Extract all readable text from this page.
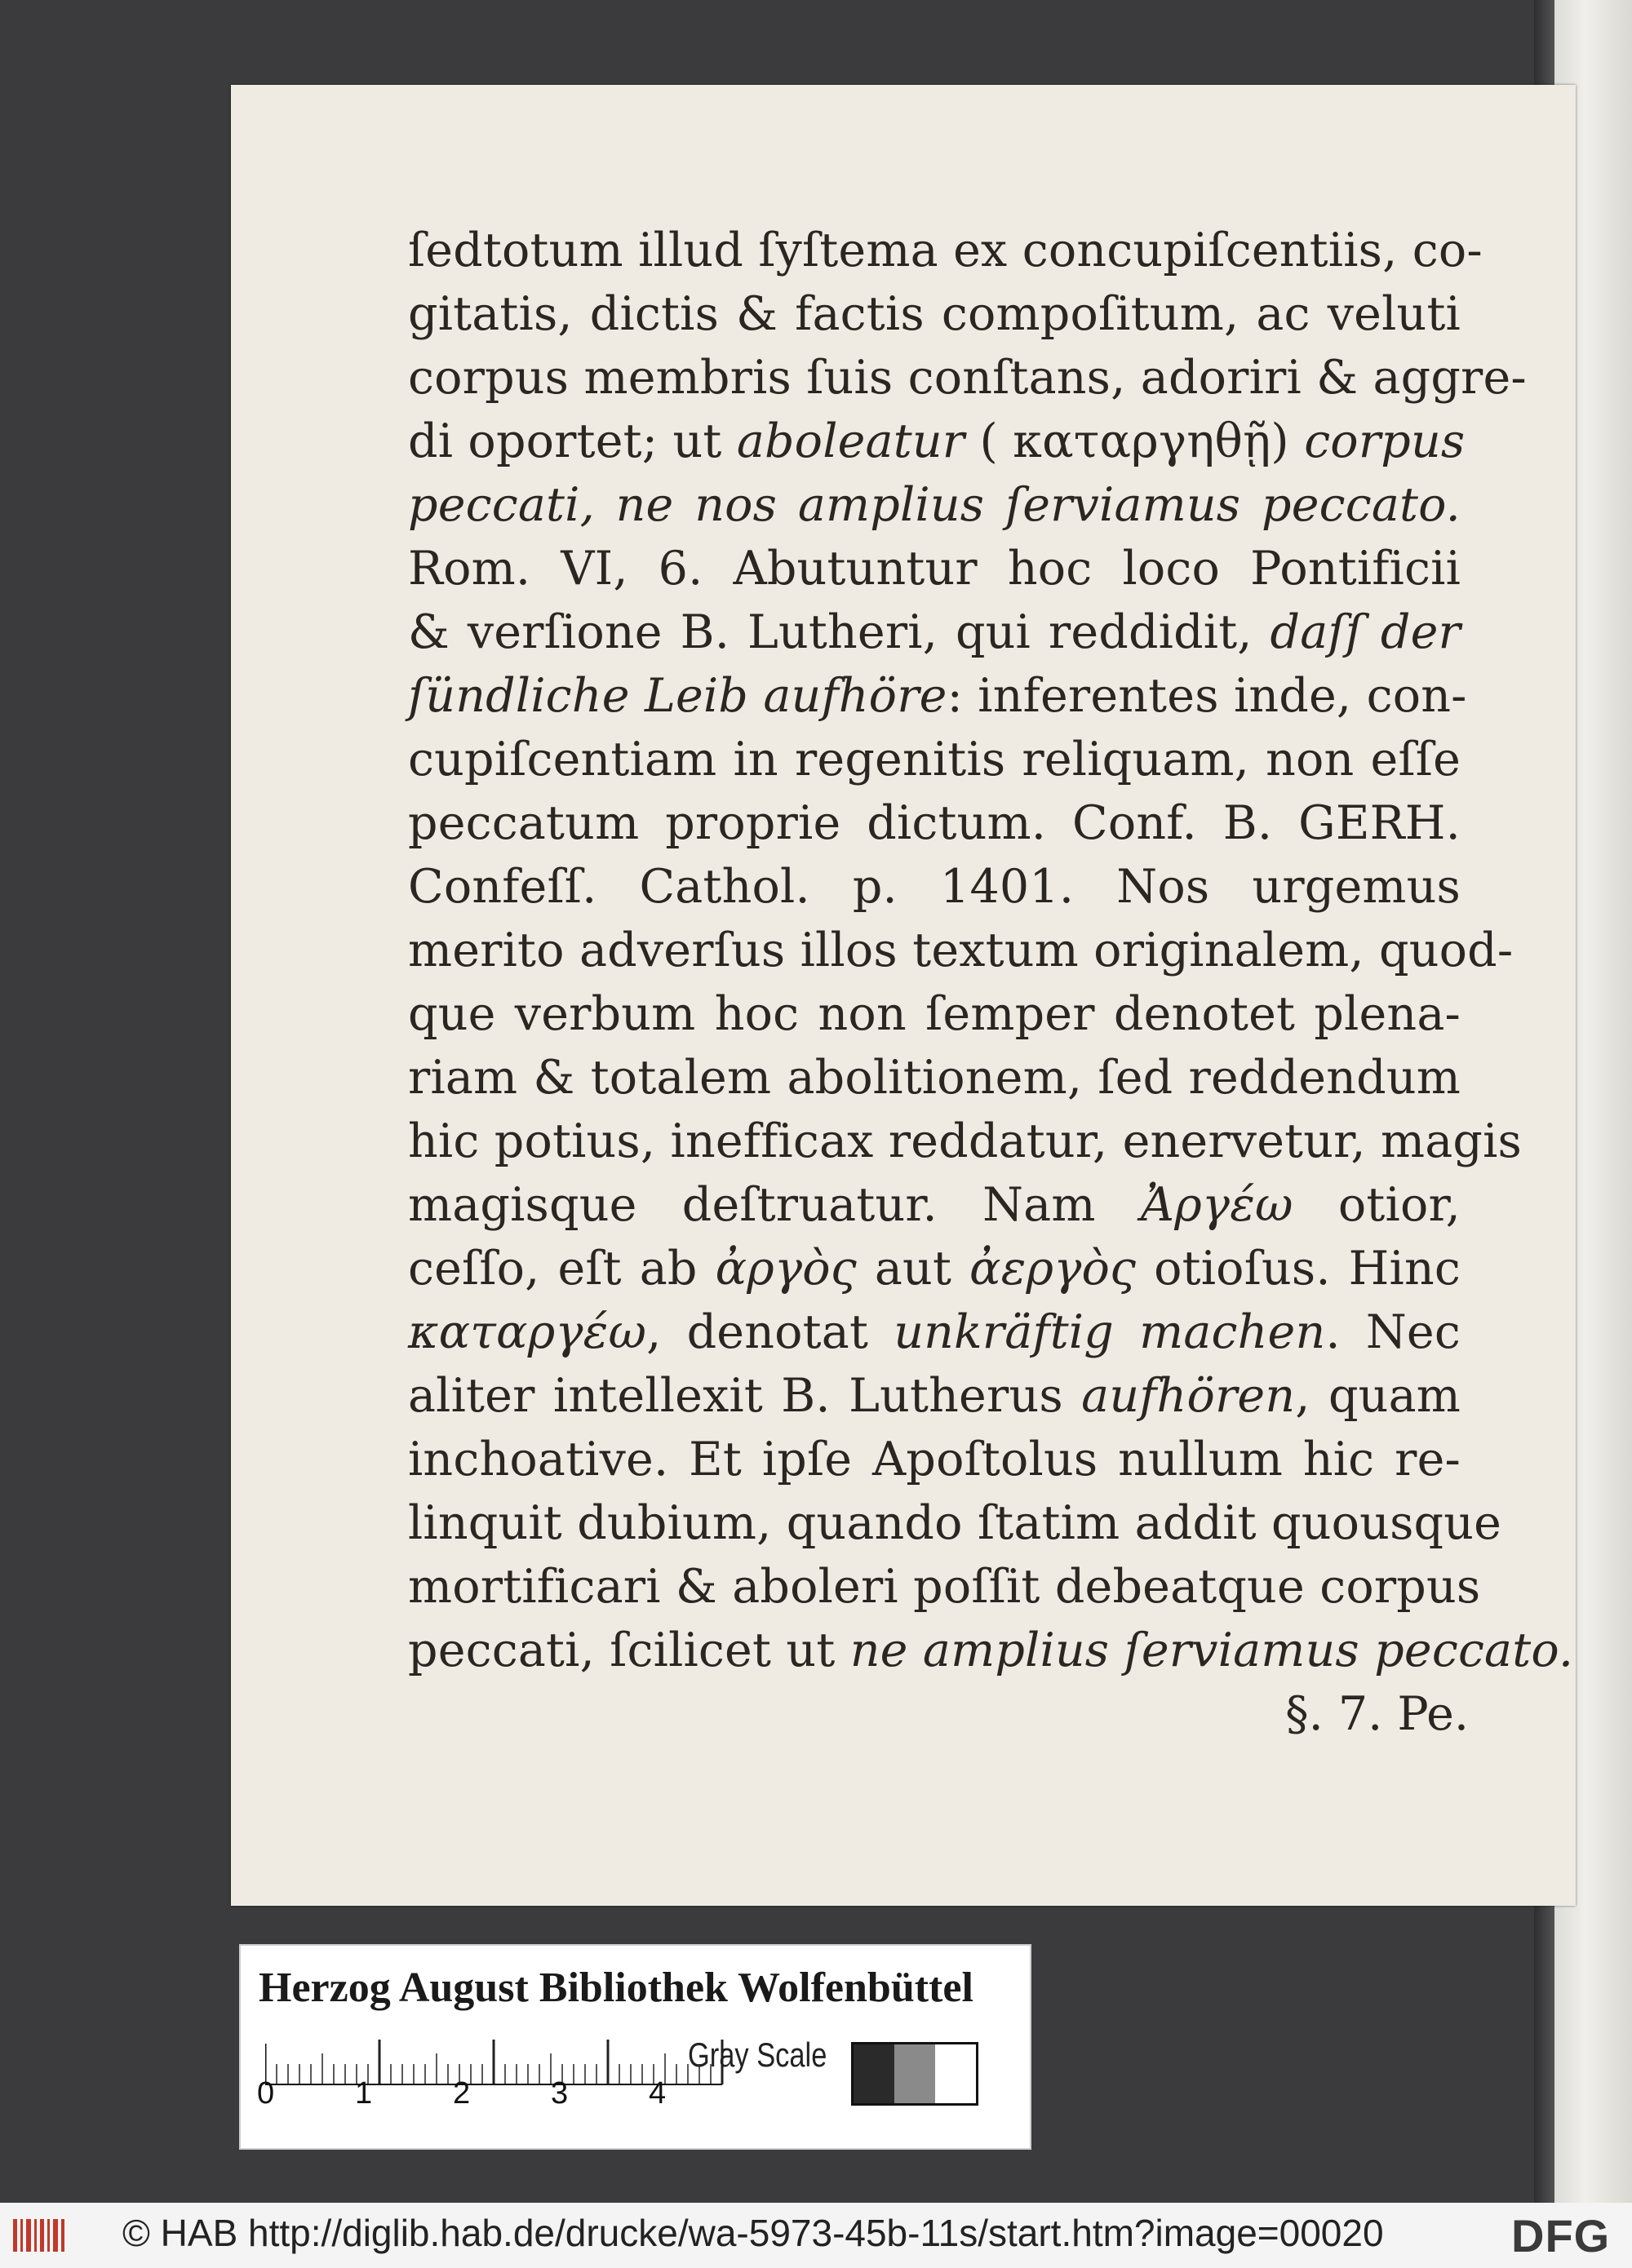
ſedtotum illud ſyſtema ex concupiſcentiis, co-
gitatis, dictis & factis compoſitum, ac veluti
corpus membris ſuis conſtans, adoriri & aggre-
di oportet; ut aboleatur ( καταργηθῇ) corpus
peccati, ne nos amplius ſerviamus peccato.
Rom. VI, 6. Abutuntur hoc loco Pontificii
& verſione B. Lutheri, qui reddidit, daſſ der
ſündliche Leib aufhöre: inferentes inde, con-
cupiſcentiam in regenitis reliquam, non eſſe
peccatum proprie dictum. Conf. B. GERH.
Confeſſ. Cathol. p. 1401. Nos urgemus
merito adverſus illos textum originalem, quod-
que verbum hoc non ſemper denotet plena-
riam & totalem abolitionem, ſed reddendum
hic potius, inefficax reddatur, enervetur, magis
magisque deſtruatur. Nam Ἀργέω otior,
ceſſo, eſt ab ἀργὸς aut ἀεργὸς otioſus. Hinc
καταργέω, denotat unkräftig machen. Nec
aliter intellexit B. Lutherus aufhören, quam
inchoative. Et ipſe Apoſtolus nullum hic re-
linquit dubium, quando ſtatim addit quousque
mortificari & aboleri poſſit debeatque corpus
peccati, ſcilicet ut ne amplius ſerviamus peccato.
§. 7. Pe.
Herzog August Bibliothek Wolfenbüttel
0	1	2	3	4
Gray Scale
© HAB http://diglib.hab.de/drucke/wa-5973-45b-11s/start.htm?image=00020	DFG
